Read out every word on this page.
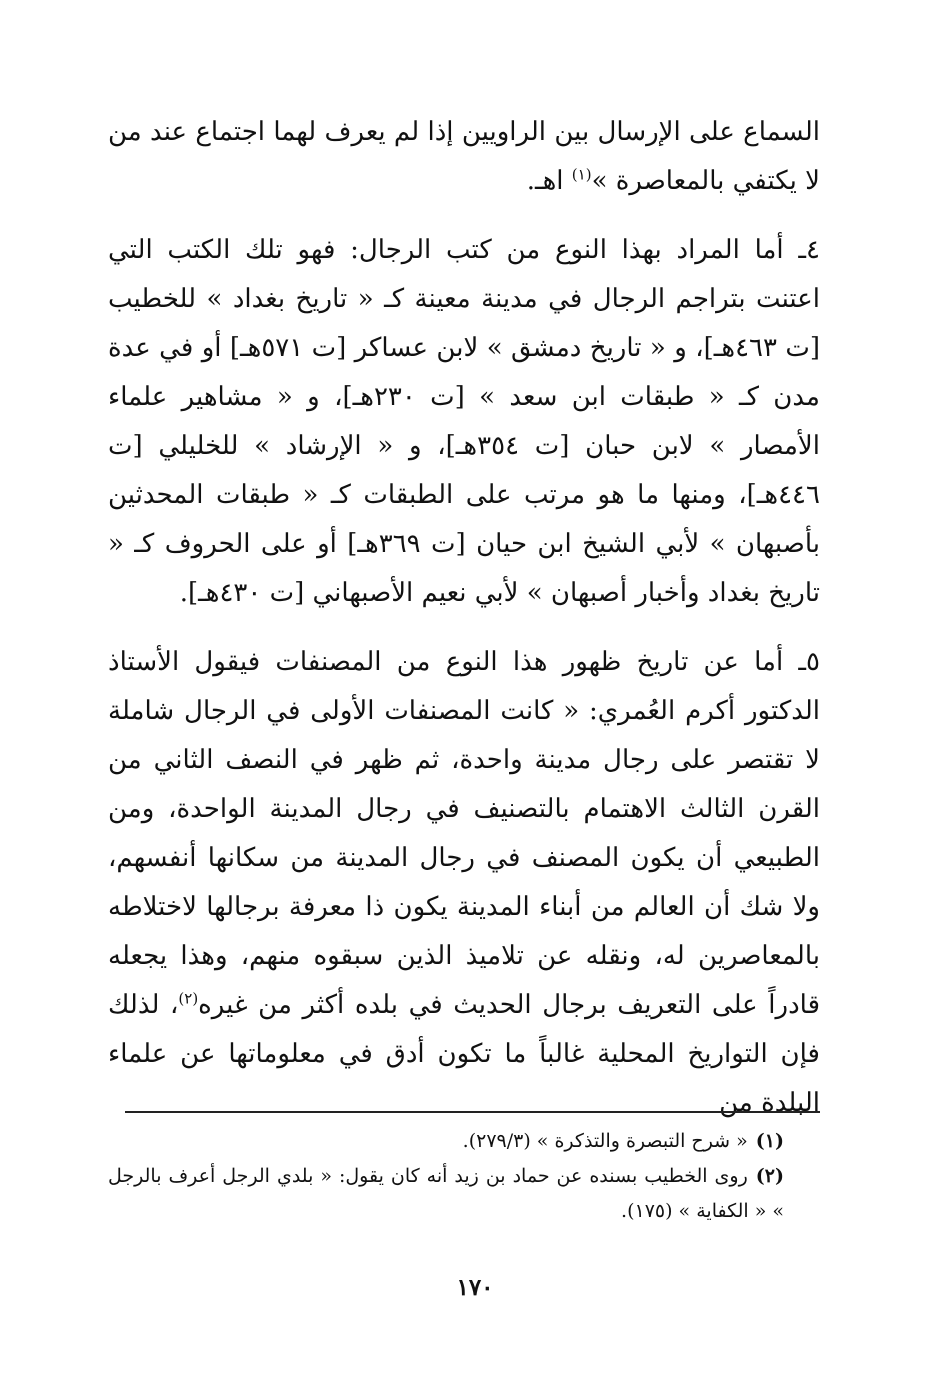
السماع على الإرسال بين الراويين إذا لم يعرف لهما اجتماع عند من لا يكتفي بالمعاصرة »$^{(١)}$ اهـ.

٤ـ أما المراد بهذا النوع من كتب الرجال: فهو تلك الكتب التي اعتنت بتراجم الرجال في مدينة معينة كـ « تاريخ بغداد » للخطيب [ت ٤٦٣هـ]، و « تاريخ دمشق » لابن عساكر [ت ٥٧١هـ] أو في عدة مدن كـ « طبقات ابن سعد » [ت ٢٣٠هـ]، و « مشاهير علماء الأمصار » لابن حبان [ت ٣٥٤هـ]، و « الإرشاد » للخليلي [ت ٤٤٦هـ]، ومنها ما هو مرتب على الطبقات كـ « طبقات المحدثين بأصبهان » لأبي الشيخ ابن حيان [ت ٣٦٩هـ] أو على الحروف كـ « تاريخ بغداد وأخبار أصبهان » لأبي نعيم الأصبهاني [ت ٤٣٠هـ].

٥ـ أما عن تاريخ ظهور هذا النوع من المصنفات فيقول الأستاذ الدكتور أكرم العُمري: « كانت المصنفات الأولى في الرجال شاملة لا تقتصر على رجال مدينة واحدة، ثم ظهر في النصف الثاني من القرن الثالث الاهتمام بالتصنيف في رجال المدينة الواحدة، ومن الطبيعي أن يكون المصنف في رجال المدينة من سكانها أنفسهم، ولا شك أن العالم من أبناء المدينة يكون ذا معرفة برجالها لاختلاطه بالمعاصرين له، ونقله عن تلاميذ الذين سبقوه منهم، وهذا يجعله قادراً على التعريف برجال الحديث في بلده أكثر من غيره$^{(٢)}$، لذلك فإن التواريخ المحلية غالباً ما تكون أدق في معلوماتها عن علماء البلدة من

(١)« شرح التبصرة والتذكرة » (٢٧٩/٣).

(٢)روى الخطيب بسنده عن حماد بن زيد أنه كان يقول: « بلدي الرجل أعرف بالرجل » « الكفاية » (١٧٥).

١٧٠
